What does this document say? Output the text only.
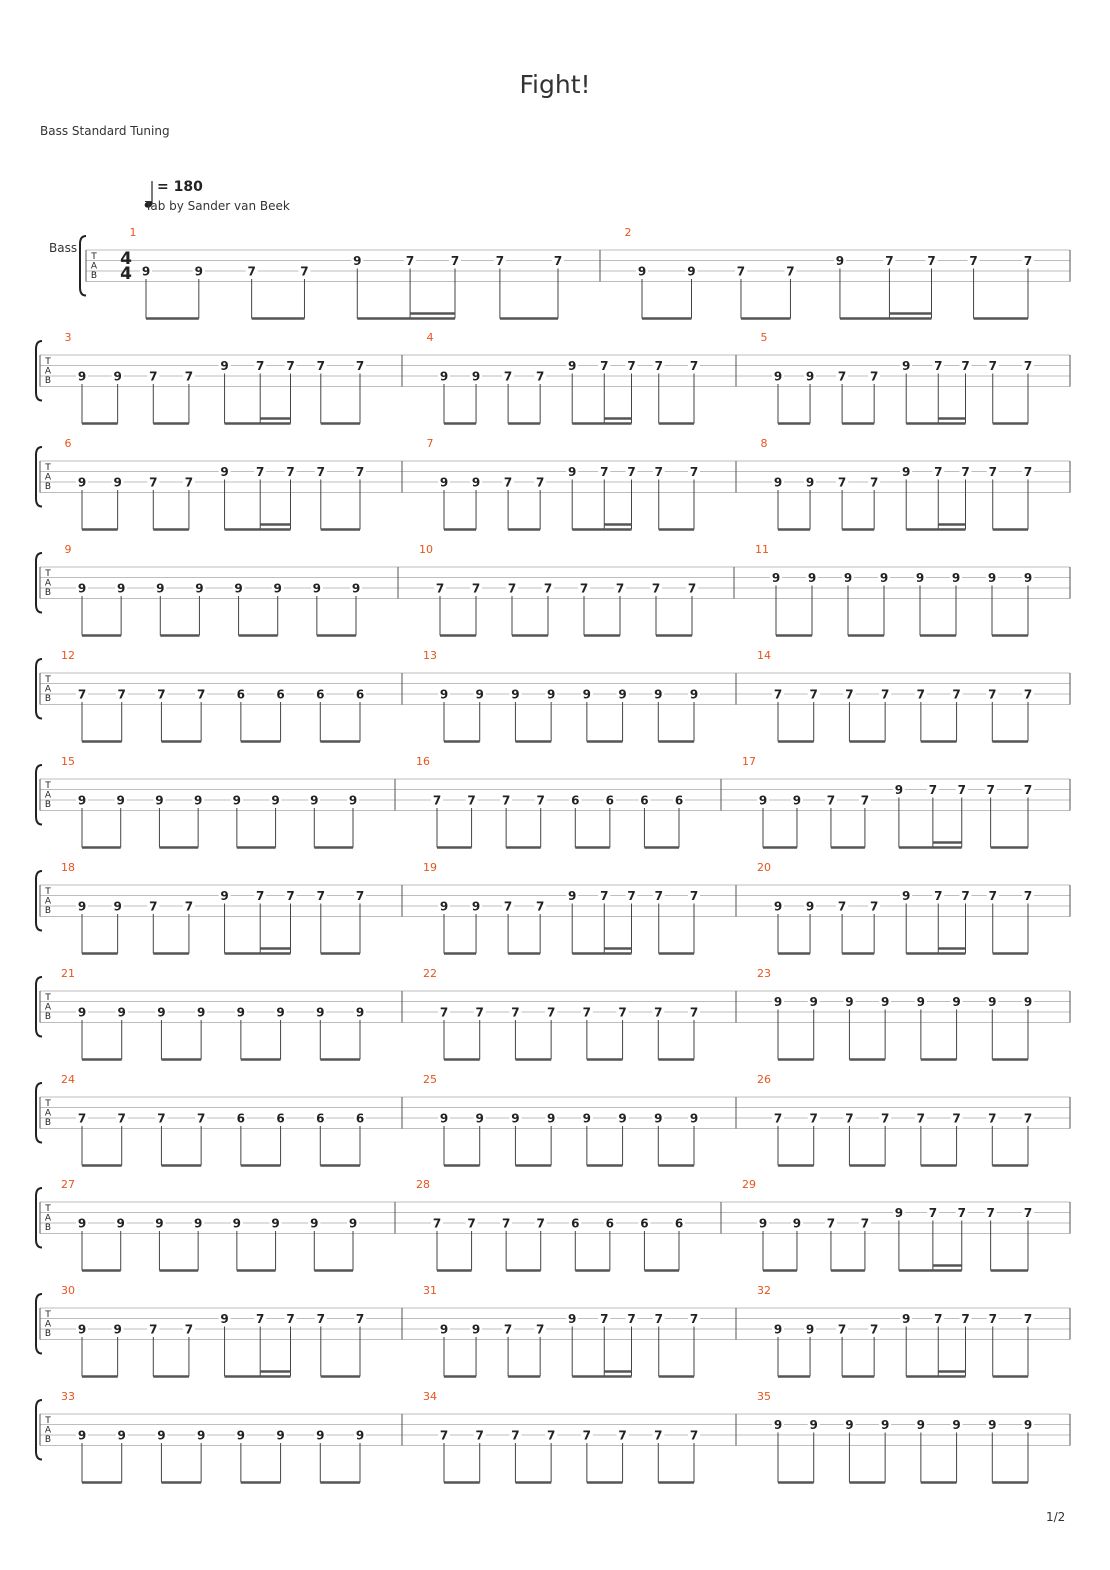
Fight!
Bass Standard Tuning
= 180
Tab by Sander van Beek
Bass
T
A
B
4
4
1
9	9	7	7
9	7	7	7	7
2
9	9	7	7
9	7	7	7	7
T
A
B
3
9 9 7 7
9 7 7 7	7
4
9 9 7 7
9 7 7 7 7
5
9 9 7 7
9 7 7 7 7
T
A
B
6
9 9 7 7
9 7 7 7	7
7
9 9 7 7
9 7 7 7 7
8
9 9 7 7
9 7 7 7 7
T
A
B
9
9	9	9	9	9	9	9	9
10
7 7 7 7 7 7 7 7
11
9 9 9 9 9 9 9 9
T
A
B
12
7	7	7	7	6	6	6	6
13
9 9 9 9 9 9 9 9
14
7 7 7 7 7 7 7 7
T
A
B
15
9	9	9	9	9	9	9	9
16
7 7 7 7 6 6 6 6
17
9 9 7 7
9 7 7 7 7
T
A
B
18
9 9 7 7
9 7 7 7	7
19
9 9 7 7
9 7 7 7 7
20
9 9 7 7
9 7 7 7 7
T
A
B
21
9	9	9	9	9	9	9	9
22
7 7 7 7 7 7 7 7
23
9 9 9 9 9 9 9 9
T
A
B
24
7	7	7	7	6	6	6	6
25
9 9 9 9 9 9 9 9
26
7 7 7 7 7 7 7 7
T
A
B
27
9	9	9	9	9	9	9	9
28
7 7 7 7 6 6 6 6
29
9 9 7 7
9 7 7 7 7
T
A
B
30
9 9 7 7
9 7 7 7	7
31
9 9 7 7
9 7 7 7 7
32
9 9 7 7
9 7 7 7 7
T
A
B
33
9	9	9	9	9	9	9	9
34
7 7 7 7 7 7 7 7
35
9 9 9 9 9 9 9 9
1/2
